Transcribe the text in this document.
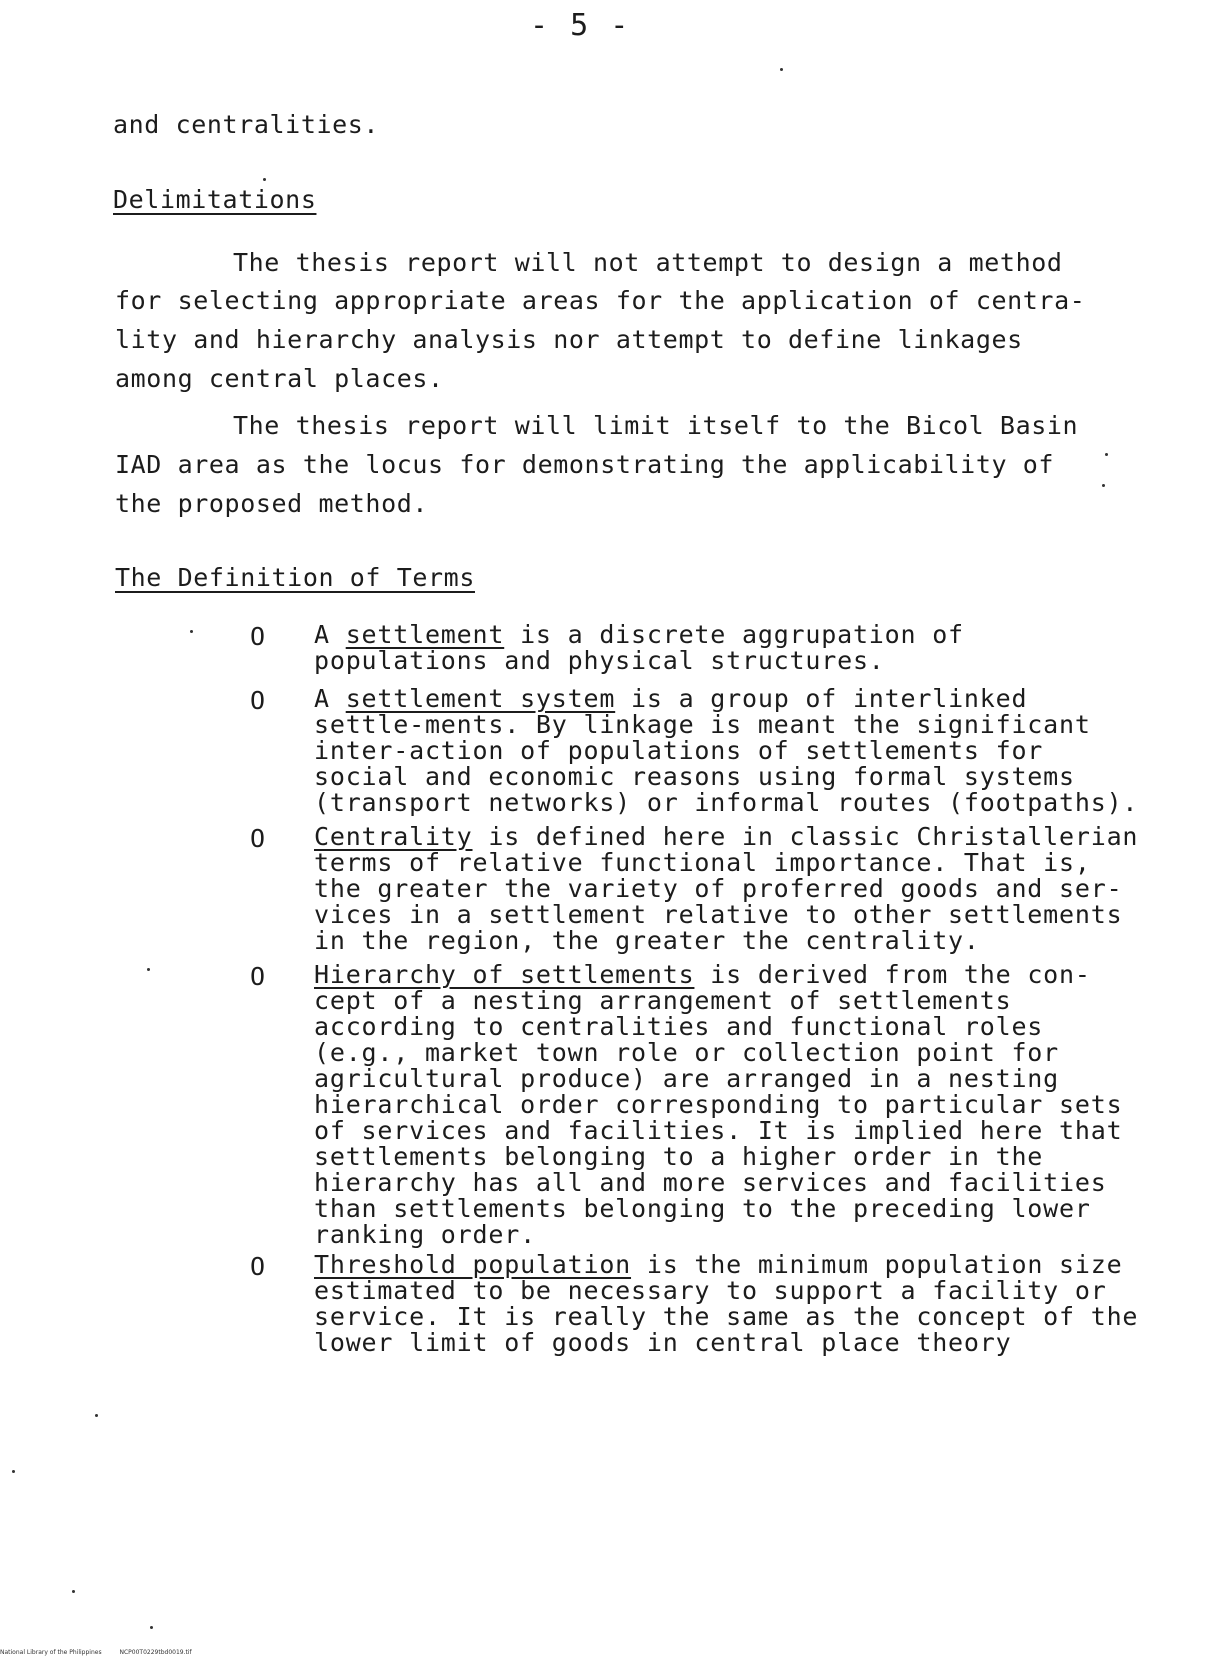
- 5 -
and centralities.
Delimitations
The thesis report will not attempt to design a method
for selecting appropriate areas for the application of centra-
lity and hierarchy analysis nor attempt to define linkages
among central places.
The thesis report will limit itself to the Bicol Basin
IAD area as the locus for demonstrating the applicability of
the proposed method.
The Definition of Terms
O A settlement is a discrete aggrupation of populations and physical structures.
O A settlement system is a group of interlinked settle-ments. By linkage is meant the significant inter-action of populations of settlements for social and economic reasons using formal systems (transport networks) or informal routes (footpaths).
O Centrality is defined here in classic Christallerian terms of relative functional importance. That is, the greater the variety of proferred goods and ser-vices in a settlement relative to other settlements in the region, the greater the centrality.
O Hierarchy of settlements is derived from the con-cept of a nesting arrangement of settlements according to centralities and functional roles (e.g., market town role or collection point for agricultural produce) are arranged in a nesting hierarchical order corresponding to particular sets of services and facilities. It is implied here that settlements belonging to a higher order in the hierarchy has all and more services and facilities than settlements belonging to the preceding lower ranking order.
O Threshold population is the minimum population size estimated to be necessary to support a facility or service. It is really the same as the concept of the lower limit of goods in central place theory
National Library of the Philippines	NCP00T0229tbd0019.tif
